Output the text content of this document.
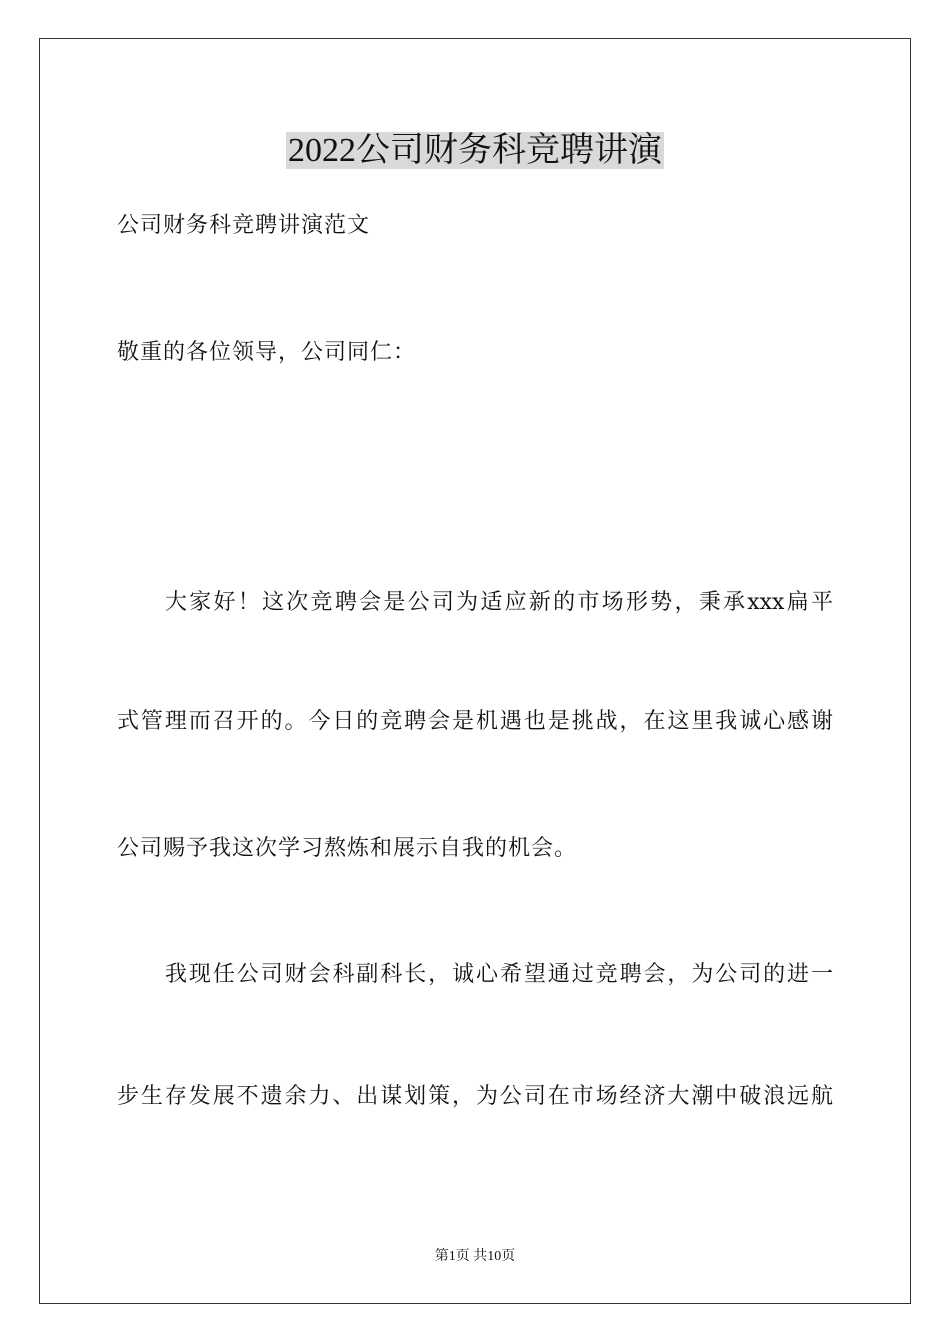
2022公司财务科竞聘讲演
公司财务科竞聘讲演范文
敬重的各位领导，公司同仁：
大家好！这次竞聘会是公司为适应新的市场形势，秉承xxx扁平
式管理而召开的。今日的竞聘会是机遇也是挑战，在这里我诚心感谢
公司赐予我这次学习熬炼和展示自我的机会。
我现任公司财会科副科长，诚心希望通过竞聘会，为公司的进一
步生存发展不遗余力、出谋划策，为公司在市场经济大潮中破浪远航
第1页 共10页
